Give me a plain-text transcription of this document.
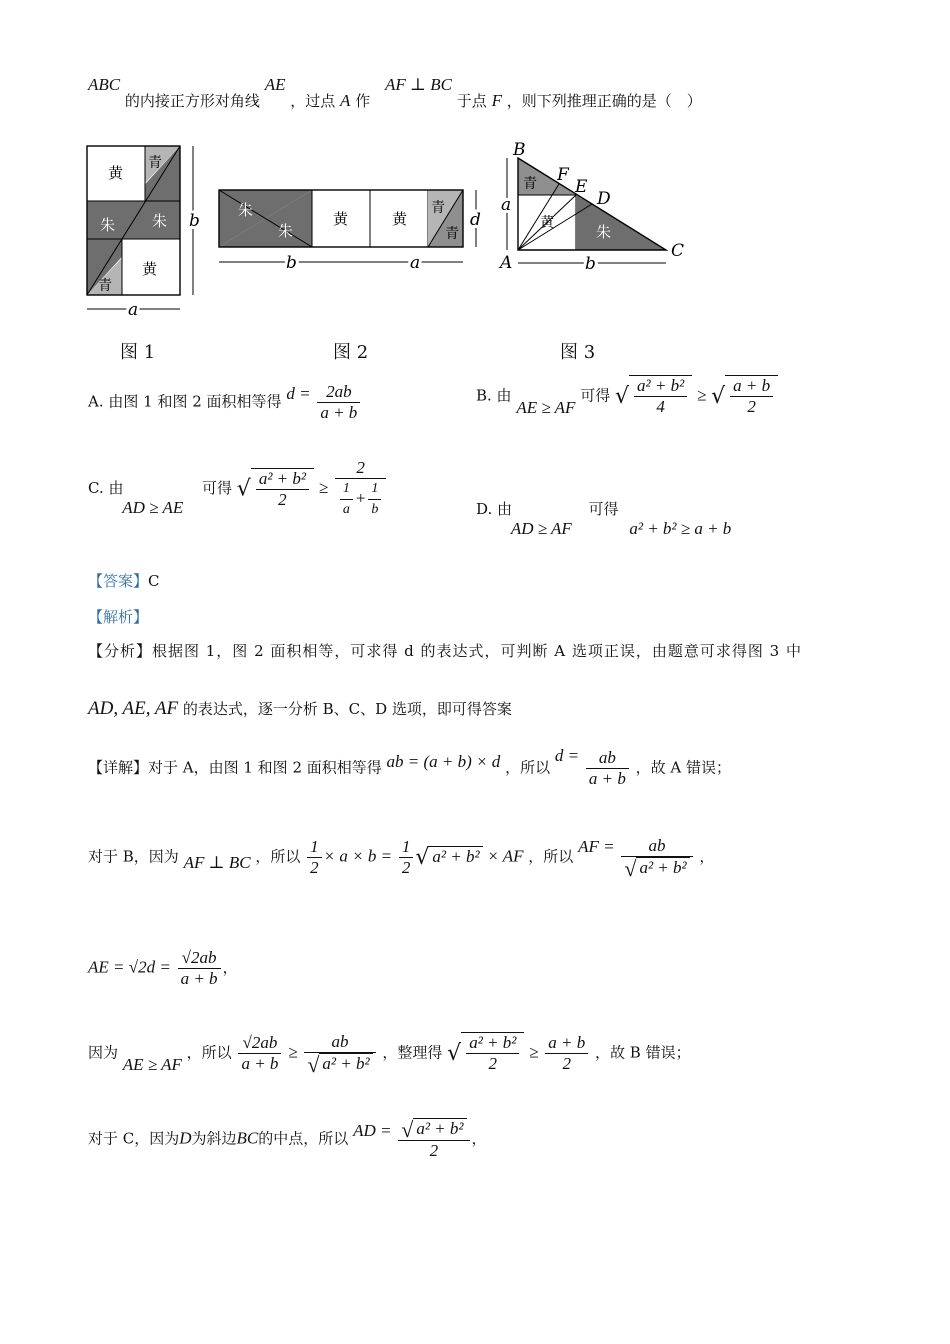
ABC 的内接正方形对角线 AE ，过点 A 作 AF ⊥ BC 于点 F ，则下列推理正确的是（　）
黄
青
朱 朱
青
黄
b
a
朱
朱
黄	黄
青
青
d
b	a
B
F
E
D
C
A
青
黄	朱
a
b
图 1	图 2	图 3
A. 由图 1 和图 2 面积相等得 $d = \frac{2ab}{a + b}$	B. 由 AE ≥ AF 可得 √ $\frac{\text{a² + b²}}{4}$ ≥ √ $\frac{a + b}{2}$
C. 由 AD ≥ AE 可得 √ $\frac{\text{a² + b²}}{2} \ge \frac{2}{\frac{1}{a} + \frac{1}{b}}$	D. 由 AD ≥ AF 可得 a² + b² ≥ a + b
【答案】C
【解析】
【分析】根据图 1，图 2 面积相等，可求得 d 的表达式，可判断 A 选项正误，由题意可求得图 3 中
AD, AE, AF 的表达式，逐一分析 B、C、D 选项，即可得答案
【详解】对于 A，由图 1 和图 2 面积相等得 ab = (a + b) × d ，所以 $d = \frac{ab}{a + b}$ ，故 A 错误；
对于 B，因为 AF ⊥ BC ，所以 $\frac{1}{2} \times a \times b = \frac{1}{2}$ √ a² + b² × AF ，所以 AF = $\frac{ab}{\text{√ a² + b²}}$ ，
AE = $√2d = \frac{√2ab}{a + b}$ ，
因为 AE ≥ AF ，所以 $\frac{√2ab}{a + b} \ge \frac{ab}{\text{√ a² + b²}}$ ，整理得 √ $\frac{\text{a² + b²}}{2} \ge \frac{a + b}{2}$ ，故 B 错误；
对于 C，因为D为斜边BC的中点，所以 AD = $\frac{\text{√ a² + b²}}{2}$ ，
